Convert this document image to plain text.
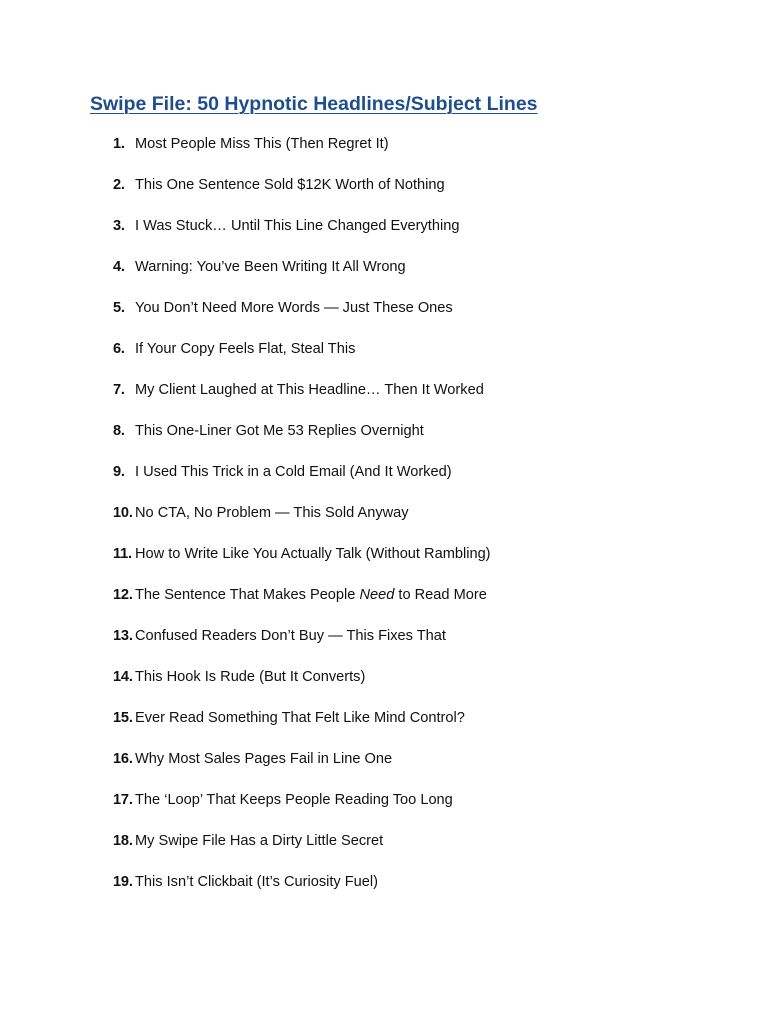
Swipe File: 50 Hypnotic Headlines/Subject Lines
1. Most People Miss This (Then Regret It)
2. This One Sentence Sold $12K Worth of Nothing
3. I Was Stuck… Until This Line Changed Everything
4. Warning: You’ve Been Writing It All Wrong
5. You Don’t Need More Words — Just These Ones
6. If Your Copy Feels Flat, Steal This
7. My Client Laughed at This Headline… Then It Worked
8. This One-Liner Got Me 53 Replies Overnight
9. I Used This Trick in a Cold Email (And It Worked)
10. No CTA, No Problem — This Sold Anyway
11. How to Write Like You Actually Talk (Without Rambling)
12. The Sentence That Makes People Need to Read More
13. Confused Readers Don’t Buy — This Fixes That
14. This Hook Is Rude (But It Converts)
15. Ever Read Something That Felt Like Mind Control?
16. Why Most Sales Pages Fail in Line One
17. The ‘Loop’ That Keeps People Reading Too Long
18. My Swipe File Has a Dirty Little Secret
19. This Isn’t Clickbait (It’s Curiosity Fuel)
